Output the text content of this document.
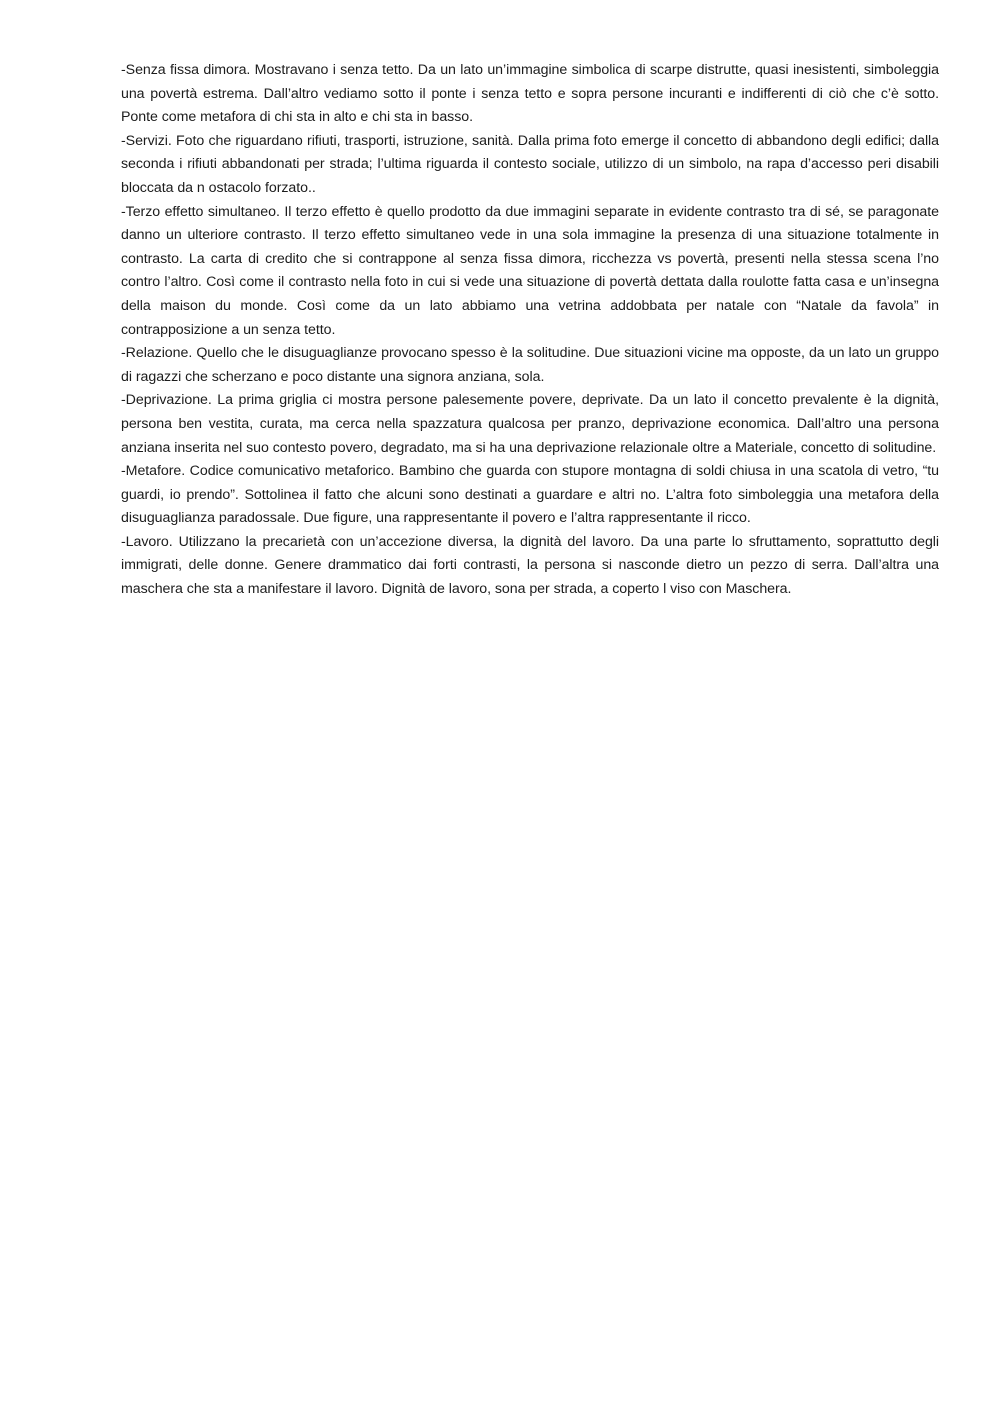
-Senza fissa dimora. Mostravano i senza tetto. Da un lato un’immagine simbolica di scarpe distrutte, quasi inesistenti, simboleggia una povertà estrema. Dall’altro vediamo sotto il ponte i senza tetto e sopra persone incuranti e indifferenti di ciò che c’è sotto. Ponte come metafora di chi sta in alto e chi sta in basso.

-Servizi. Foto che riguardano rifiuti, trasporti, istruzione, sanità. Dalla prima foto emerge il concetto di abbandono degli edifici; dalla seconda i rifiuti abbandonati per strada; l’ultima riguarda il contesto sociale, utilizzo di un simbolo, na rapa d’accesso peri disabili bloccata da n ostacolo forzato..

-Terzo effetto simultaneo. Il terzo effetto è quello prodotto da due immagini separate in evidente contrasto tra di sé, se paragonate danno un ulteriore contrasto. Il terzo effetto simultaneo vede in una sola immagine la presenza di una situazione totalmente in contrasto. La carta di credito che si contrappone al senza fissa dimora, ricchezza vs povertà, presenti nella stessa scena l’no contro l’altro. Così come il contrasto nella foto in cui si vede una situazione di povertà dettata dalla roulotte fatta casa e un’insegna della maison du monde. Così come da un lato abbiamo una vetrina addobbata per natale con “Natale da favola” in contrapposizione a un senza tetto.

-Relazione. Quello che le disuguaglianze provocano spesso è la solitudine. Due situazioni vicine ma opposte, da un lato un gruppo di ragazzi che scherzano e poco distante una signora anziana, sola.

-Deprivazione. La prima griglia ci mostra persone palesemente povere, deprivate. Da un lato il concetto prevalente è la dignità, persona ben vestita, curata, ma cerca nella spazzatura qualcosa per pranzo, deprivazione economica. Dall’altro una persona anziana inserita nel suo contesto povero, degradato, ma si ha una deprivazione relazionale oltre a Materiale, concetto di solitudine.

-Metafore. Codice comunicativo metaforico. Bambino che guarda con stupore montagna di soldi chiusa in una scatola di vetro, “tu guardi, io prendo”. Sottolinea il fatto che alcuni sono destinati a guardare e altri no. L’altra foto simboleggia una metafora della disuguaglianza paradossale. Due figure, una rappresentante il povero e l’altra rappresentante il ricco.

-Lavoro. Utilizzano la precarietà con un’accezione diversa, la dignità del lavoro. Da una parte lo sfruttamento, soprattutto degli immigrati, delle donne. Genere drammatico dai forti contrasti, la persona si nasconde dietro un pezzo di serra. Dall’altra una maschera che sta a manifestare il lavoro. Dignità de lavoro, sona per strada, a coperto l viso con Maschera.
